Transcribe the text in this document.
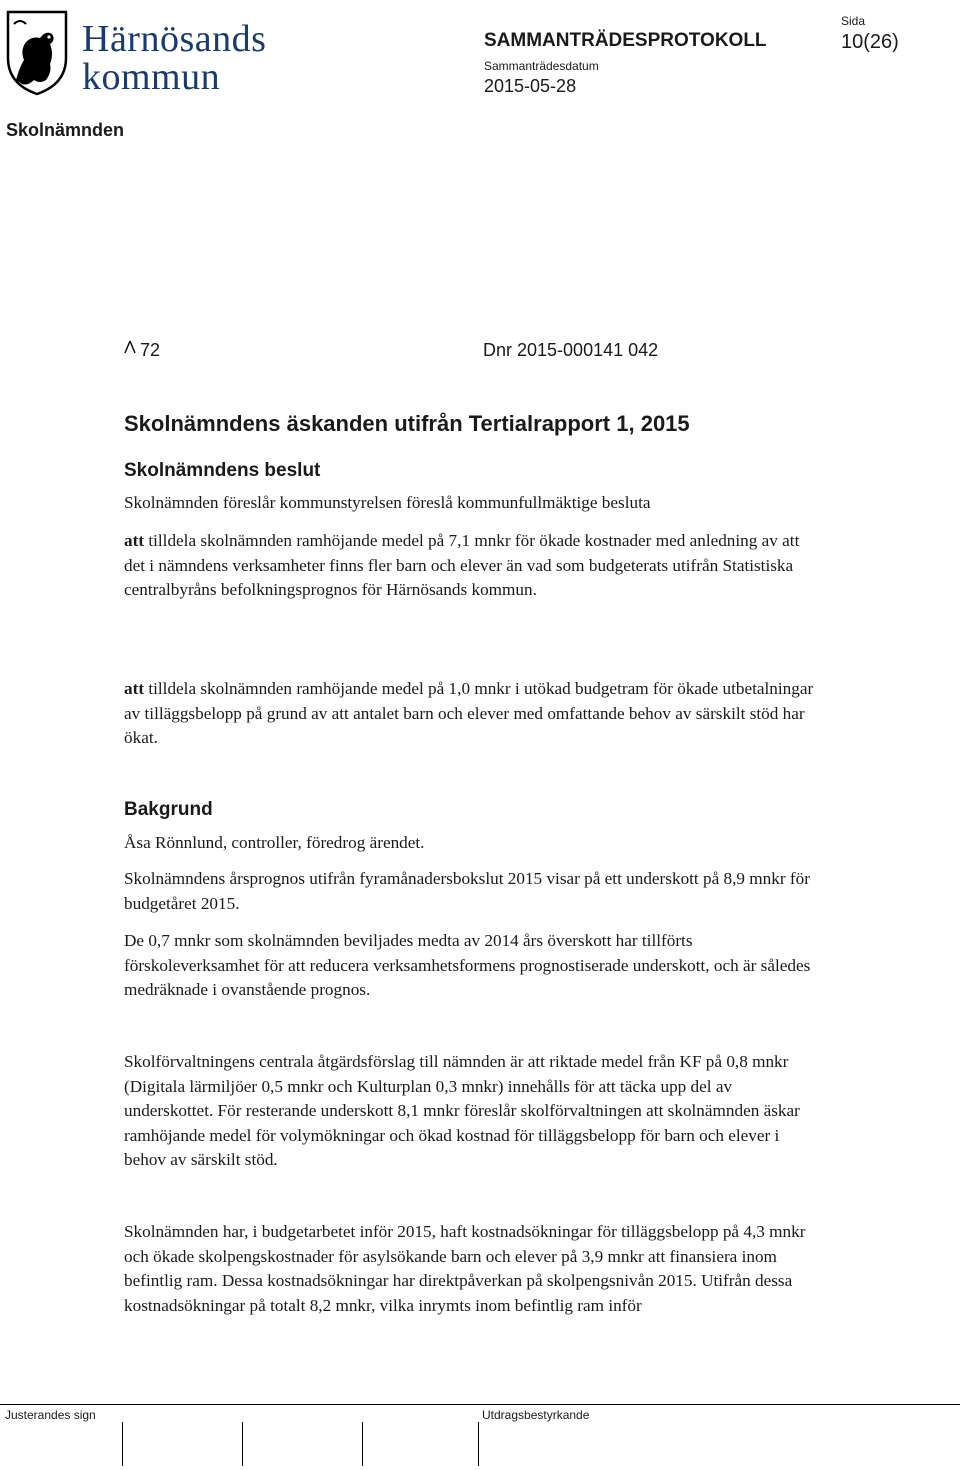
Härnösands
kommun
SAMMANTRÄDESPROTOKOLL
Sida
10(26)
Sammanträdesdatum
2015-05-28
Skolnämnden
72	Dnr 2015-000141 042
Skolnämndens äskanden utifrån Tertialrapport 1, 2015
Skolnämndens beslut

Skolnämnden föreslår kommunstyrelsen föreslå kommunfullmäktige besluta

att tilldela skolnämnden ramhöjande medel på 7,1 mnkr för ökade kostnader med anledning av att det i nämndens verksamheter finns fler barn och elever än vad som budgeterats utifrån Statistiska centralbyråns befolkningsprognos för Härnösands kommun.

att tilldela skolnämnden ramhöjande medel på 1,0 mnkr i utökad budgetram för ökade utbetalningar av tilläggsbelopp på grund av att antalet barn och elever med omfattande behov av särskilt stöd har ökat.

Bakgrund

Åsa Rönnlund, controller, föredrog ärendet.

Skolnämndens årsprognos utifrån fyramånadersbokslut 2015 visar på ett underskott på 8,9 mnkr för budgetåret 2015.

De 0,7 mnkr som skolnämnden beviljades medta av 2014 års överskott har tillförts förskoleverksamhet för att reducera verksamhetsformens prognostiserade underskott, och är således medräknade i ovanstående prognos.

Skolförvaltningens centrala åtgärdsförslag till nämnden är att riktade medel från KF på 0,8 mnkr (Digitala lärmiljöer 0,5 mnkr och Kulturplan 0,3 mnkr) innehålls för att täcka upp del av underskottet. För resterande underskott 8,1 mnkr föreslår skolförvaltningen att skolnämnden äskar ramhöjande medel för volymökningar och ökad kostnad för tilläggsbelopp för barn och elever i behov av särskilt stöd.

Skolnämnden har, i budgetarbetet inför 2015, haft kostnadsökningar för tilläggsbelopp på 4,3 mnkr och ökade skolpengskostnader för asylsökande barn och elever på 3,9 mnkr att finansiera inom befintlig ram. Dessa kostnadsökningar har direktpåverkan på skolpengsnivån 2015. Utifrån dessa kostnadsökningar på totalt 8,2 mnkr, vilka inrymts inom befintlig ram inför

Justerandes sign	Utdragsbestyrkande
